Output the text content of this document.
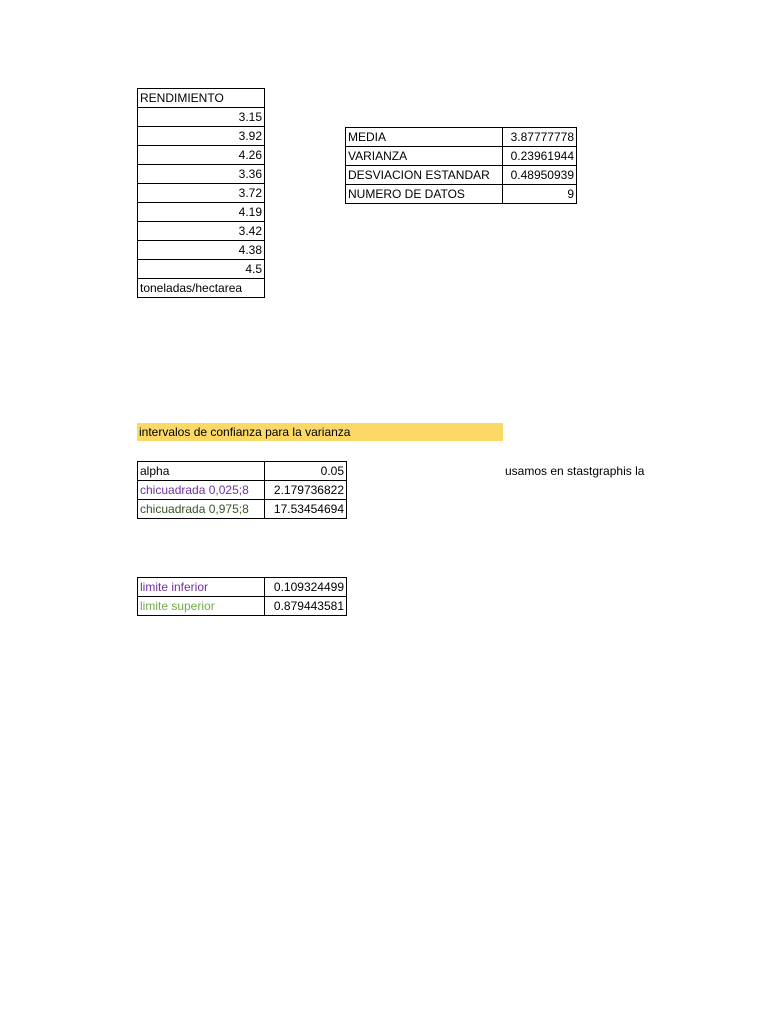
RENDIMIENTO
3.15
3.92
4.26
3.36
3.72
4.19
3.42
4.38
4.5
toneladas/hectarea
MEDIA	3.87777778
VARIANZA	0.23961944
DESVIACION ESTANDAR	0.48950939
NUMERO DE DATOS	9
intervalos de confianza para la varianza
alpha	0.05
chicuadrada 0,025;8	2.179736822
chicuadrada 0,975;8	17.53454694
usamos en stastgraphis la
limite inferior	0.109324499
limite superior	0.879443581
